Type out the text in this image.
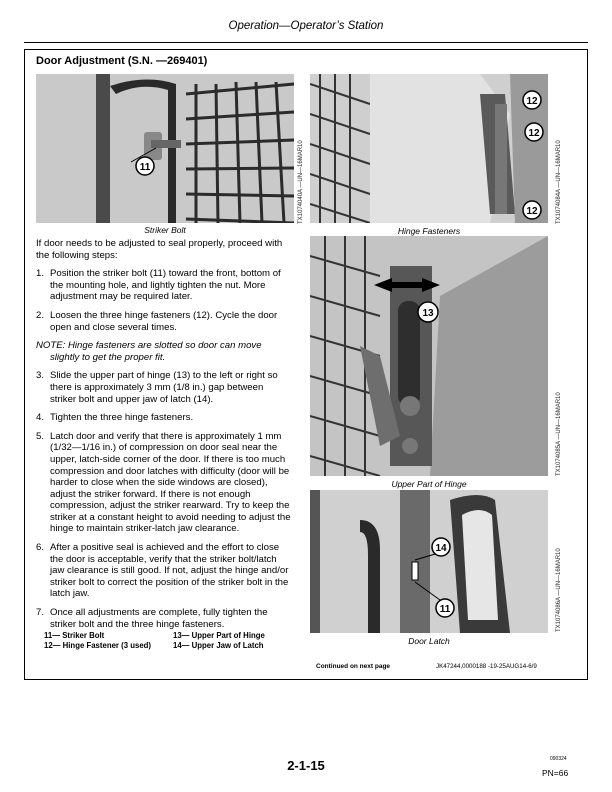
Operation—Operator’s Station
Door Adjustment (S.N. —269401)
11
Striker Bolt
TX1074040A —UN—16MAR10
12
12
12
Hinge Fasteners
TX1074084A —UN—16MAR10
13
Upper Part of Hinge
TX1074085A —UN—16MAR10
14
11
Door Latch
TX1074086A —UN—16MAR10

If door needs to be adjusted to seal properly, proceed with the following steps:

1. Position the striker bolt (11) toward the front, bottom of the mounting hole, and lightly tighten the nut. More adjustment may be required later.
2. Loosen the three hinge fasteners (12). Cycle the door open and close several times.
NOTE: Hinge fasteners are slotted so door can move
slightly to get the proper fit.
3. Slide the upper part of hinge (13) to the left or right so there is approximately 3 mm (1/8 in.) gap between striker bolt and upper jaw of latch (14).
4. Tighten the three hinge fasteners.
5. Latch door and verify that there is approximately 1 mm (1/32—1/16 in.) of compression on door seal near the upper, latch-side corner of the door. If there is too much compression and door latches with difficulty (door will be harder to close when the side windows are closed), adjust the striker forward. If there is not enough compression, adjust the striker rearward. Try to keep the striker at a constant height to avoid needing to adjust the hinge to maintain striker-latch jaw clearance.
6. After a positive seal is achieved and the effort to close the door is acceptable, verify that the striker bolt/latch jaw clearance is still good. If not, adjust the hinge and/or striker bolt to correct the position of the striker bolt in the latch jaw.
7. Once all adjustments are complete, fully tighten the striker bolt and the three hinge fasteners.
11— Striker Bolt
12— Hinge Fastener (3 used)
13— Upper Part of Hinge
14— Upper Jaw of Latch
Continued on next page	JK47244,0000188 -19-25AUG14-6/9
090324
2-1-15	PN=66
